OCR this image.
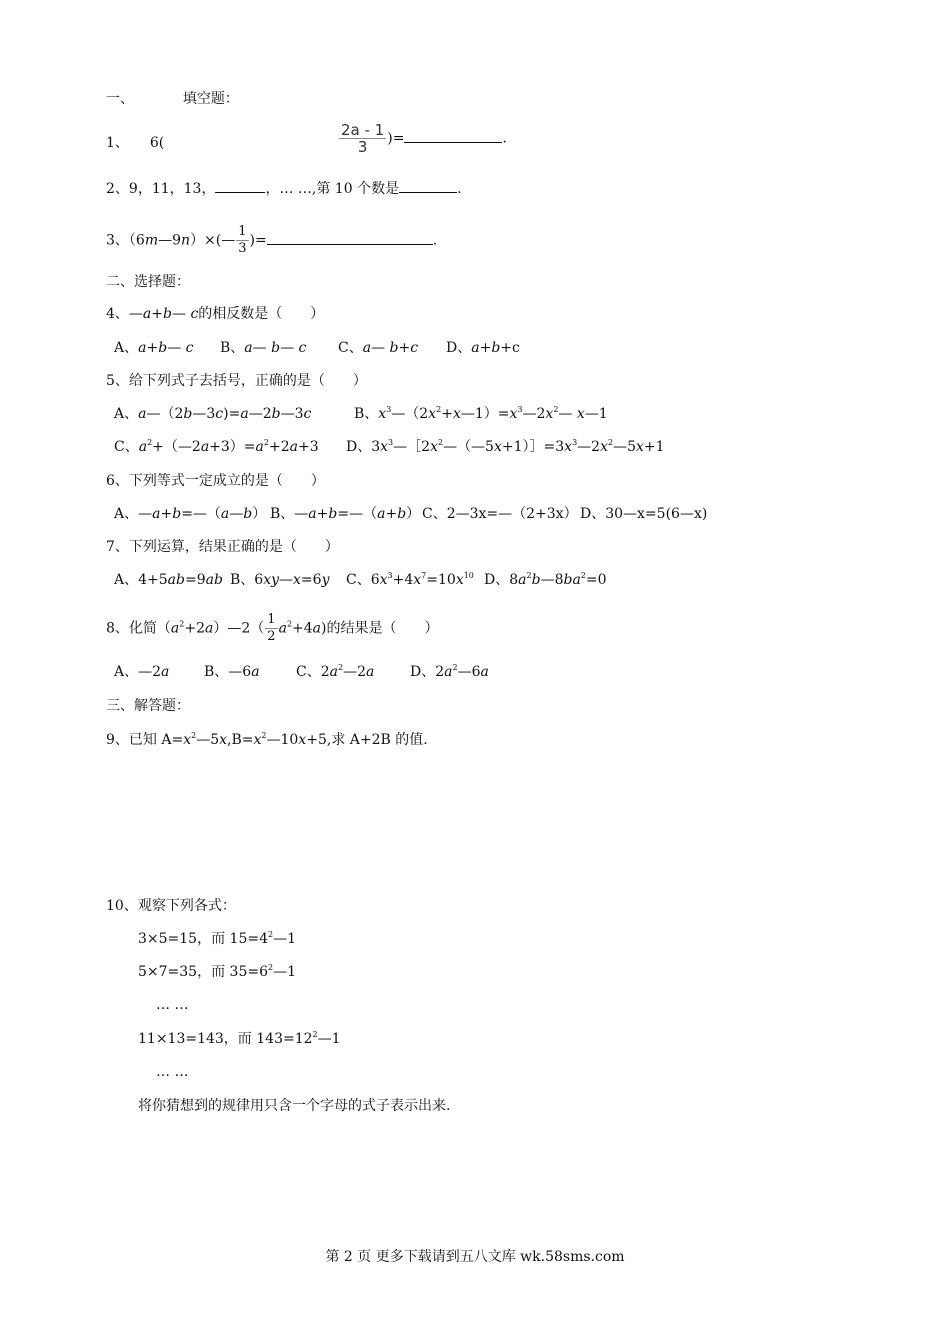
一、	填空题：
1、 6(	$\frac{2a - 1}{3}$ )=	.
2、9，11，13，	，… …,第 10 个数是	.
3、（6m—9n）×(— $\frac{1}{3}$ )=	.
二、选择题：
4、—a+b— c的相反数是（　　）
A、a+b— c B、a— b— c C、a— b+c D、a+b+c
5、给下列式子去括号，正确的是（　　）
A、a—（2b—3c)=a—2b—3c	B、$x^3—(2x^2+x—1)=x^3—2x^2—$ x—1
C、$a^2+(—2a+3)=a^2+2a+3$ D、$3x^3—[2x^2—(—5x+1)]=3x^3—2x^2—5x+1$
6、下列等式一定成立的是（　　）
A、—a+b=—（a—b） B、—a+b=—（a+b） C、2—3x=—（2+3x） D、30—x=5(6—x)
7、下列运算，结果正确的是（　　）
A、4+5ab=9ab B、6xy—x=6y C、$6x^3+4x^7=10x^{10}$ D、$8a^2b—8ba^2=0$
8、化简$(a^2+2a)—2( \frac{1}{2} a^2+4a)$的结果是（　　）
A、—2a B、—6a	C、$2a^2—2a$	D、$2a^2—6a$
三、解答题：
9、已知 $A=x^2—5x,B=x^2—10x+5$,求 A+2B 的值.
10、观察下列各式：
3×5=15，而 $15=4^2—1$
5×7=35，而 $35=6^2—1$
… …
11×13=143，而 $143=12^2—1$
… …
将你猜想到的规律用只含一个字母的式子表示出来.
第 2 页 更多下载请到五八文库 wk.58sms.com
